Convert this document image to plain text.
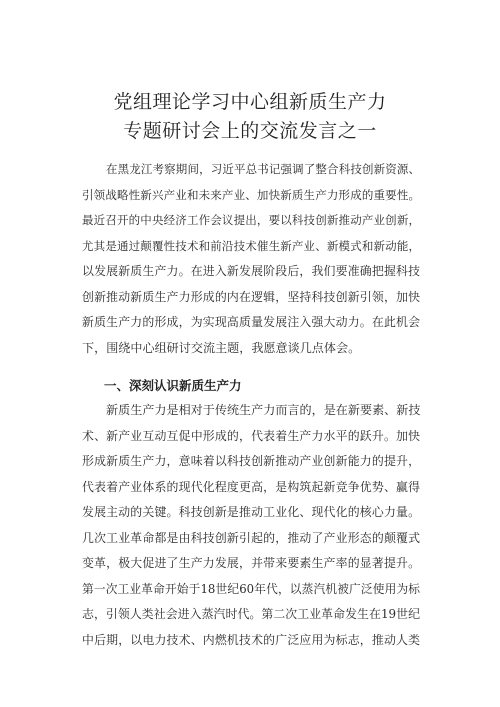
党组理论学习中心组新质生产力
专题研讨会上的交流发言之一
在黑龙江考察期间，习近平总书记强调了整合科技创新资源、
引领战略性新兴产业和未来产业、加快新质生产力形成的重要性。
最近召开的中央经济工作会议提出，要以科技创新推动产业创新，
尤其是通过颠覆性技术和前沿技术催生新产业、新模式和新动能，
以发展新质生产力。在进入新发展阶段后，我们要准确把握科技
创新推动新质生产力形成的内在逻辑，坚持科技创新引领，加快
新质生产力的形成，为实现高质量发展注入强大动力。在此机会
下，围绕中心组研讨交流主题，我愿意谈几点体会。
一、深刻认识新质生产力
新质生产力是相对于传统生产力而言的，是在新要素、新技
术、新产业互动互促中形成的，代表着生产力水平的跃升。加快
形成新质生产力，意味着以科技创新推动产业创新能力的提升，
代表着产业体系的现代化程度更高，是构筑起新竞争优势、赢得
发展主动的关键。科技创新是推动工业化、现代化的核心力量。
几次工业革命都是由科技创新引起的，推动了产业形态的颠覆式
变革，极大促进了生产力发展，并带来要素生产率的显著提升。
第一次工业革命开始于18世纪60年代，以蒸汽机被广泛使用为标
志，引领人类社会进入蒸汽时代。第二次工业革命发生在19世纪
中后期，以电力技术、内燃机技术的广泛应用为标志，推动人类
